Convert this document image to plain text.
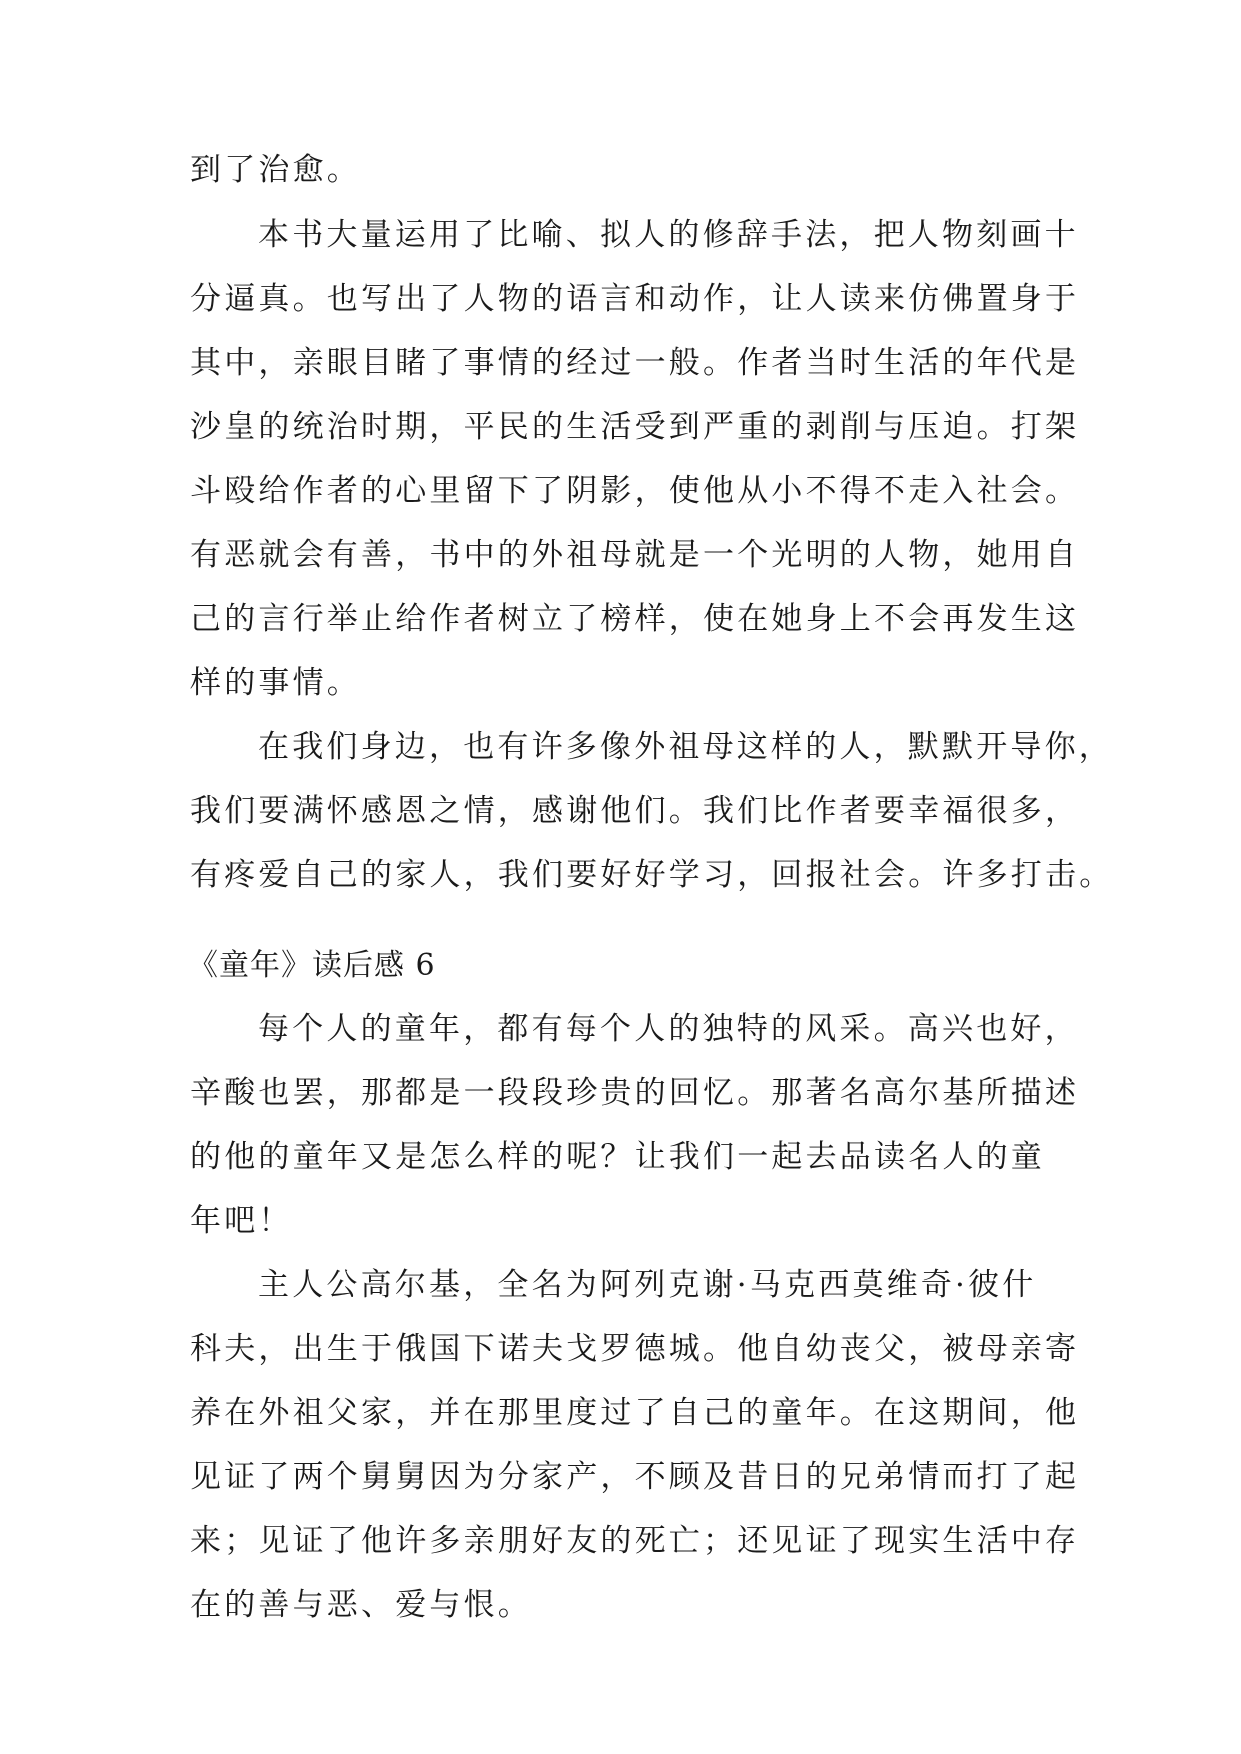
到了治愈。

本书大量运用了比喻、拟人的修辞手法，把人物刻画十

分逼真。也写出了人物的语言和动作，让人读来仿佛置身于

其中，亲眼目睹了事情的经过一般。作者当时生活的年代是

沙皇的统治时期，平民的生活受到严重的剥削与压迫。打架

斗殴给作者的心里留下了阴影，使他从小不得不走入社会。

有恶就会有善，书中的外祖母就是一个光明的人物，她用自

己的言行举止给作者树立了榜样，使在她身上不会再发生这

样的事情。

在我们身边，也有许多像外祖母这样的人，默默开导你，

我们要满怀感恩之情，感谢他们。我们比作者要幸福很多，

有疼爱自己的家人，我们要好好学习，回报社会。许多打击。

《童年》读后感 6

每个人的童年，都有每个人的独特的风采。高兴也好，

辛酸也罢，那都是一段段珍贵的回忆。那著名高尔基所描述

的他的童年又是怎么样的呢？让我们一起去品读名人的童

年吧！

主人公高尔基，全名为阿列克谢·马克西莫维奇·彼什

科夫，出生于俄国下诺夫戈罗德城。他自幼丧父，被母亲寄

养在外祖父家，并在那里度过了自己的童年。在这期间，他

见证了两个舅舅因为分家产，不顾及昔日的兄弟情而打了起

来；见证了他许多亲朋好友的死亡；还见证了现实生活中存

在的善与恶、爱与恨。
